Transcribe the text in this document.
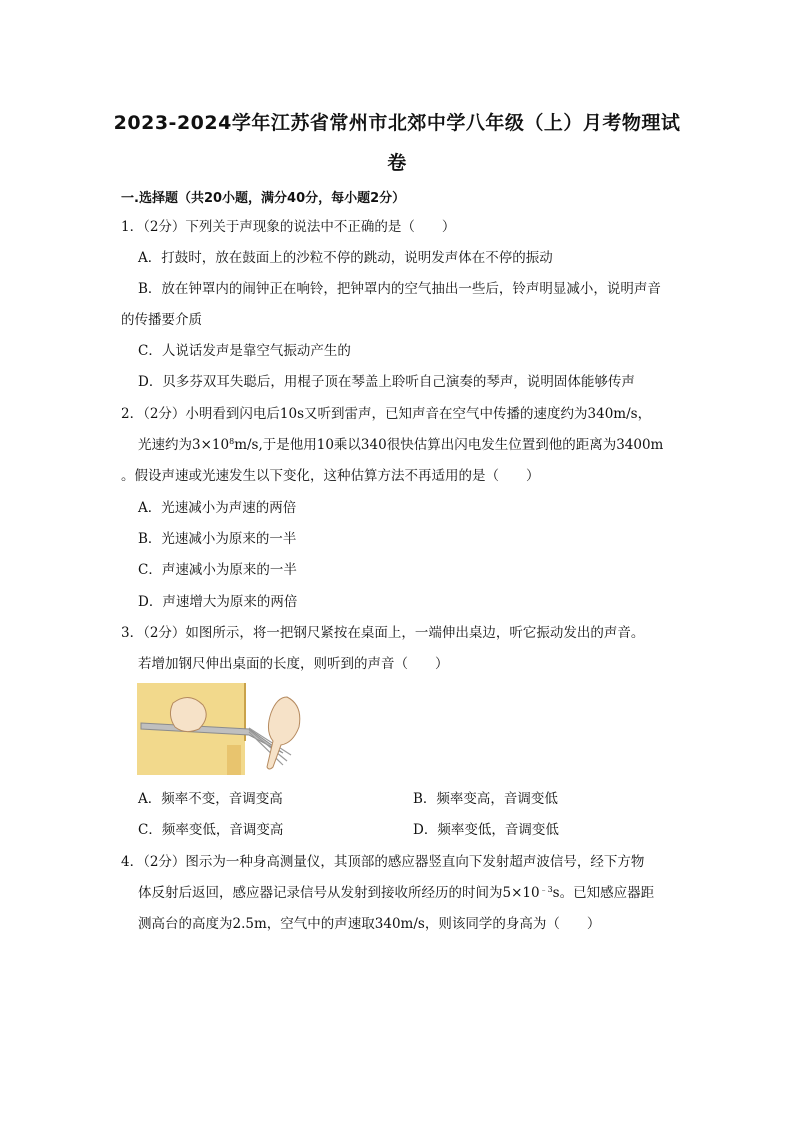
2023-2024学年江苏省常州市北郊中学八年级（上）月考物理试
卷
一.选择题（共20小题，满分40分，每小题2分）
1．（2分）下列关于声现象的说法中不正确的是（　　）
A．打鼓时，放在鼓面上的沙粒不停的跳动，说明发声体在不停的振动
B．放在钟罩内的闹钟正在响铃，把钟罩内的空气抽出一些后，铃声明显减小，说明声音
的传播要介质
C．人说话发声是靠空气振动产生的
D．贝多芬双耳失聪后，用棍子顶在琴盖上聆听自己演奏的琴声，说明固体能够传声
2．（2分）小明看到闪电后10s又听到雷声，已知声音在空气中传播的速度约为340m/s，
光速约为$3\times 10^8m/s$,于是他用10乘以340很快估算出闪电发生位置到他的距离为3400m
。假设声速或光速发生以下变化，这种估算方法不再适用的是（　　）
A．光速减小为声速的两倍
B．光速减小为原来的一半
C．声速减小为原来的一半
D．声速增大为原来的两倍
3．（2分）如图所示，将一把钢尺紧按在桌面上，一端伸出桌边，听它振动发出的声音。
若增加钢尺伸出桌面的长度，则听到的声音（　　）
A．频率不变，音调变高	B．频率变高，音调变低
C．频率变低，音调变高	D．频率变低，音调变低
4．（2分）图示为一种身高测量仪，其顶部的感应器竖直向下发射超声波信号，经下方物
体反射后返回，感应器记录信号从发射到接收所经历的时间为$5\times 10^{﹣3}s$。已知感应器距
测高台的高度为2.5m，空气中的声速取340m/s，则该同学的身高为（　　）
